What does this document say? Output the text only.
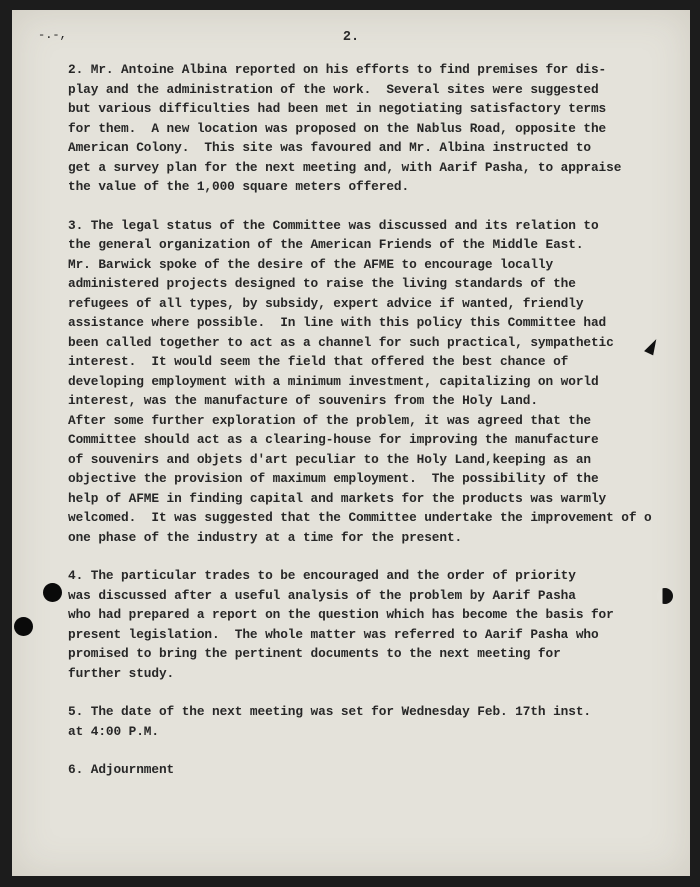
-.-,	2.
2. Mr. Antoine Albina reported on his efforts to find premises for dis-
play and the administration of the work.  Several sites were suggested
but various difficulties had been met in negotiating satisfactory terms
for them.  A new location was proposed on the Nablus Road, opposite the
American Colony.  This site was favoured and Mr. Albina instructed to
get a survey plan for the next meeting and, with Aarif Pasha, to appraise
the value of the 1,000 square meters offered.
3. The legal status of the Committee was discussed and its relation to
the general organization of the American Friends of the Middle East.
Mr. Barwick spoke of the desire of the AFME to encourage locally
administered projects designed to raise the living standards of the
refugees of all types, by subsidy, expert advice if wanted, friendly
assistance where possible.  In line with this policy this Committee had
been called together to act as a channel for such practical, sympathetic
interest.  It would seem the field that offered the best chance of
developing employment with a minimum investment, capitalizing on world
interest, was the manufacture of souvenirs from the Holy Land.
After some further exploration of the problem, it was agreed that the
Committee should act as a clearing-house for improving the manufacture
of souvenirs and objets d'art peculiar to the Holy Land,keeping as an
objective the provision of maximum employment.  The possibility of the
help of AFME in finding capital and markets for the products was warmly
welcomed.  It was suggested that the Committee undertake the improvement of o
one phase of the industry at a time for the present.
4. The particular trades to be encouraged and the order of priority
was discussed after a useful analysis of the problem by Aarif Pasha
who had prepared a report on the question which has become the basis for
present legislation.  The whole matter was referred to Aarif Pasha who
promised to bring the pertinent documents to the next meeting for
further study.
5. The date of the next meeting was set for Wednesday Feb. 17th inst.
at 4:00 P.M.
6. Adjournment
